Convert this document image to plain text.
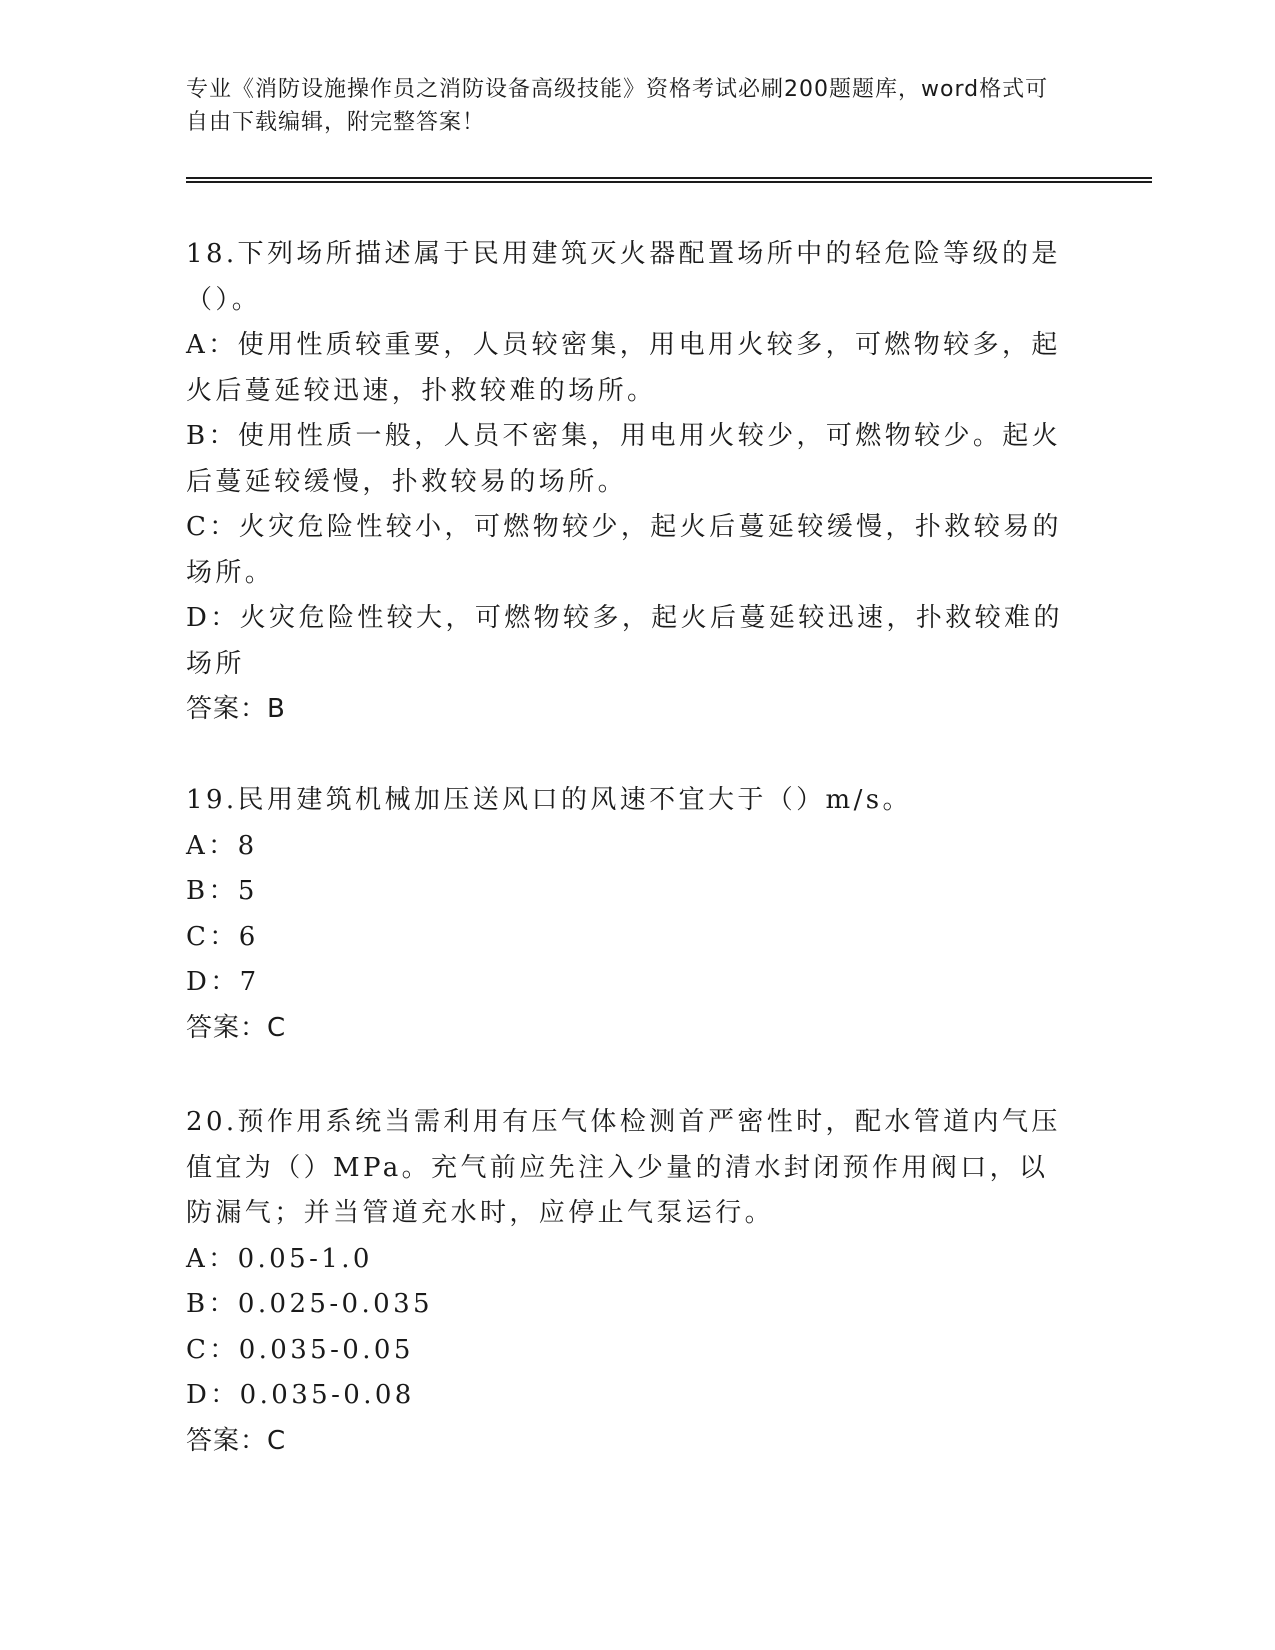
专业《消防设施操作员之消防设备高级技能》资格考试必刷200题题库，word格式可自由下载编辑，附完整答案！

18.下列场所描述属于民用建筑灭火器配置场所中的轻危险等级的是（）。

A：使用性质较重要，人员较密集，用电用火较多，可燃物较多，起火后蔓延较迅速，扑救较难的场所。

B：使用性质一般，人员不密集，用电用火较少，可燃物较少。起火后蔓延较缓慢，扑救较易的场所。

C：火灾危险性较小，可燃物较少，起火后蔓延较缓慢，扑救较易的场所。

D：火灾危险性较大，可燃物较多，起火后蔓延较迅速，扑救较难的场所

答案：B

19.民用建筑机械加压送风口的风速不宜大于（）m/s。

A：8

B：5

C：6

D：7

答案：C

20.预作用系统当需利用有压气体检测首严密性时，配水管道内气压值宜为（）MPa。充气前应先注入少量的清水封闭预作用阀口，以防漏气；并当管道充水时，应停止气泵运行。

A：0.05-1.0

B：0.025-0.035

C：0.035-0.05

D：0.035-0.08

答案：C
